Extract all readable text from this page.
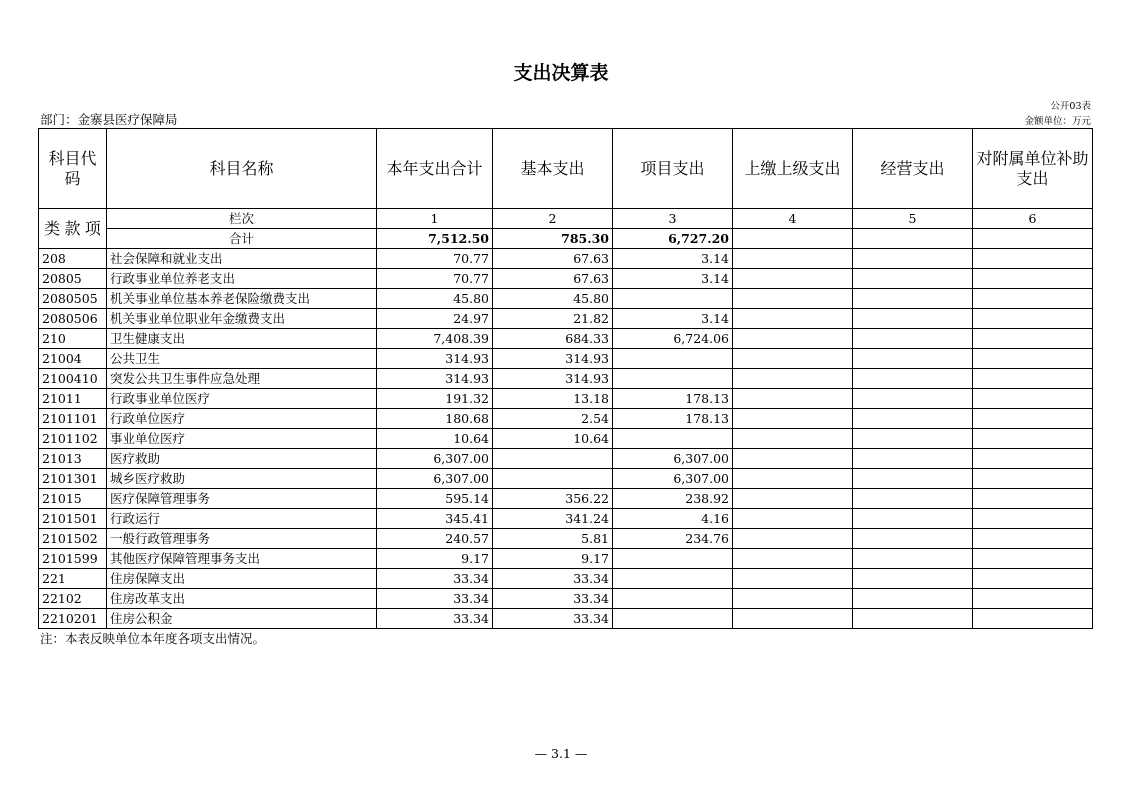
支出决算表
部门：金寨县医疗保障局
公开03表
金额单位：万元
科目代码	科目名称	本年支出合计	基本支出	项目支出	上缴上级支出	经营支出	对附属单位补助支出

类 款 项	栏次	1	2	3	4	5	6
	合计	7,512.50	785.30	6,727.20			
208	社会保障和就业支出	70.77	67.63	3.14			
20805	行政事业单位养老支出	70.77	67.63	3.14			
2080505	机关事业单位基本养老保险缴费支出	45.80	45.80				
2080506	机关事业单位职业年金缴费支出	24.97	21.82	3.14			
210	卫生健康支出	7,408.39	684.33	6,724.06			
21004	公共卫生	314.93	314.93				
2100410	突发公共卫生事件应急处理	314.93	314.93				
21011	行政事业单位医疗	191.32	13.18	178.13			
2101101	行政单位医疗	180.68	2.54	178.13			
2101102	事业单位医疗	10.64	10.64				
21013	医疗救助	6,307.00		6,307.00			
2101301	城乡医疗救助	6,307.00		6,307.00			
21015	医疗保障管理事务	595.14	356.22	238.92			
2101501	行政运行	345.41	341.24	4.16			
2101502	一般行政管理事务	240.57	5.81	234.76			
2101599	其他医疗保障管理事务支出	9.17	9.17				
221	住房保障支出	33.34	33.34				
22102	住房改革支出	33.34	33.34				
2210201	住房公积金	33.34	33.34				
注：本表反映单位本年度各项支出情况。
— 3.1 —
